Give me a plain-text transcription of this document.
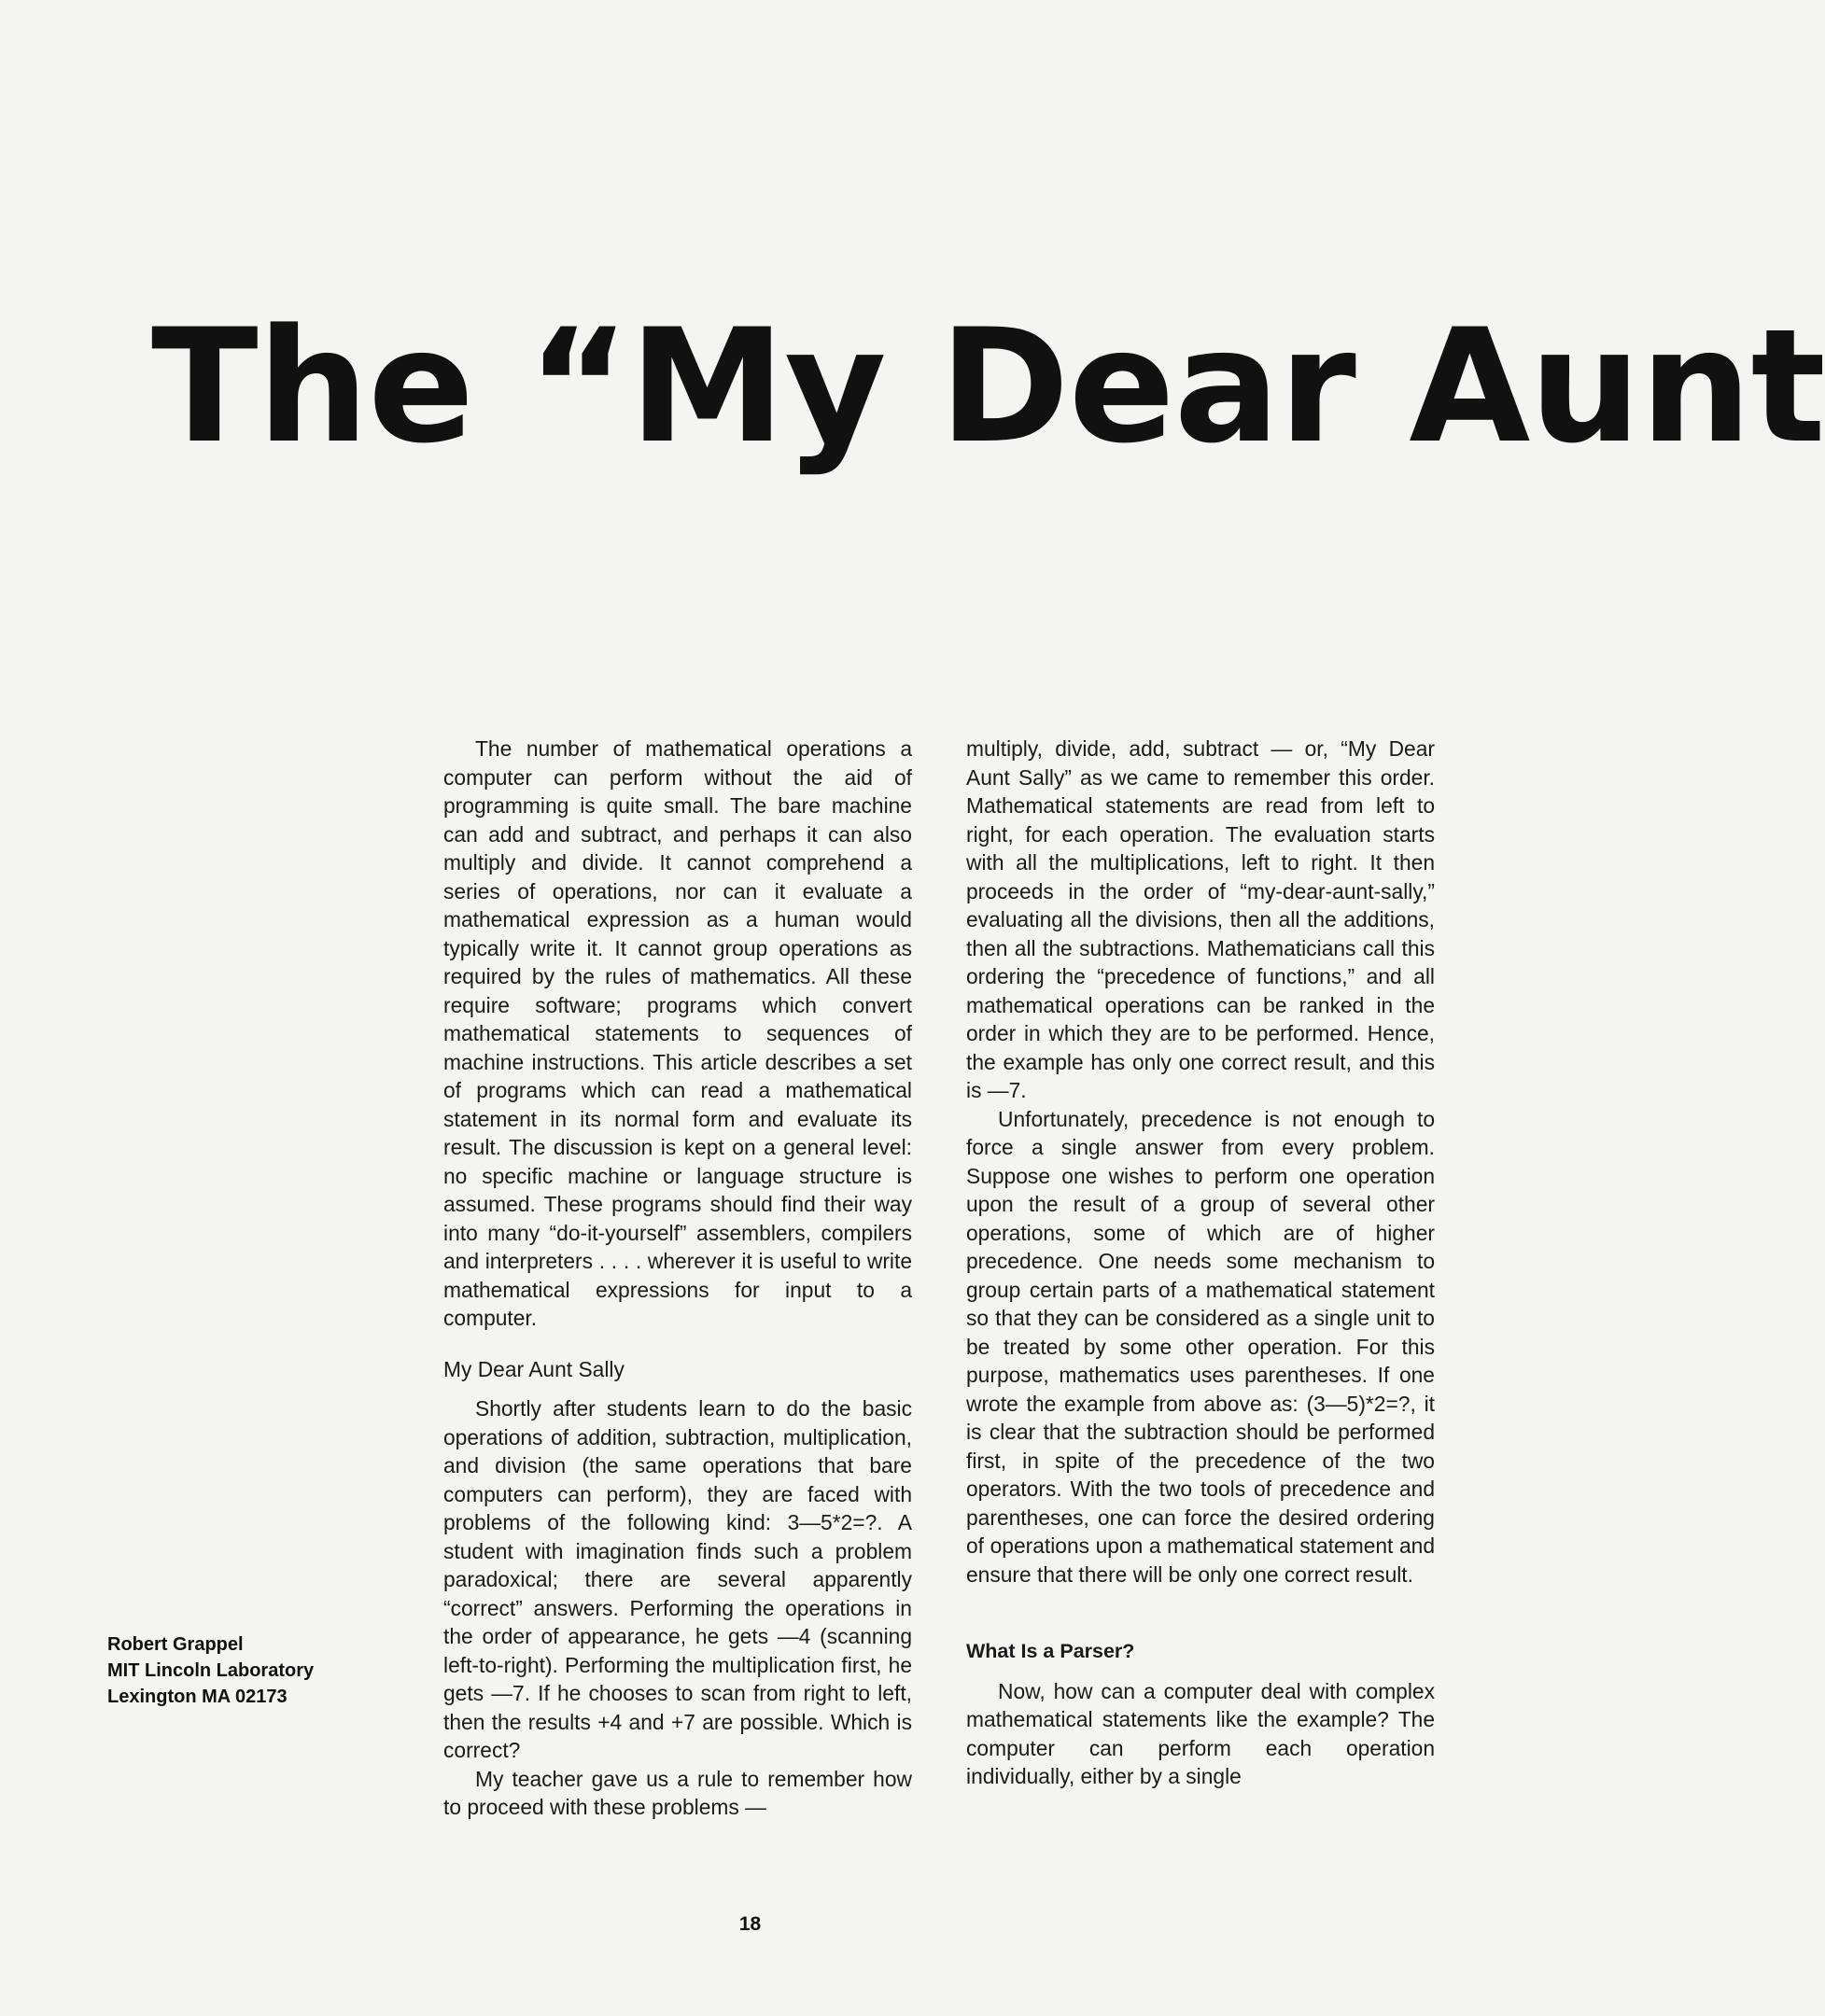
The “My Dear Aunt
Robert Grappel
MIT Lincoln Laboratory
Lexington MA 02173

The number of mathematical operations a computer can perform without the aid of programming is quite small. The bare machine can add and subtract, and perhaps it can also multiply and divide. It cannot comprehend a series of operations, nor can it evaluate a mathematical expression as a human would typically write it. It cannot group operations as required by the rules of mathematics. All these require software; programs which convert mathematical statements to sequences of machine instructions. This article describes a set of programs which can read a mathematical statement in its normal form and evaluate its result. The discussion is kept on a general level: no specific machine or language structure is assumed. These programs should find their way into many “do-it-yourself” assemblers, compilers and interpreters . . . . wherever it is useful to write mathematical expressions for input to a computer.

My Dear Aunt Sally

Shortly after students learn to do the basic operations of addition, subtraction, multiplication, and division (the same operations that bare computers can perform), they are faced with problems of the following kind: 3—5*2=?. A student with imagination finds such a problem paradoxical; there are several apparently “correct” answers. Performing the operations in the order of appearance, he gets —4 (scanning left-to-right). Performing the multiplication first, he gets —7. If he chooses to scan from right to left, then the results +4 and +7 are possible. Which is correct?

My teacher gave us a rule to remember how to proceed with these problems —

multiply, divide, add, subtract — or, “My Dear Aunt Sally” as we came to remember this order. Mathematical statements are read from left to right, for each operation. The evaluation starts with all the multiplications, left to right. It then proceeds in the order of “my-dear-aunt-sally,” evaluating all the divisions, then all the additions, then all the subtractions. Mathematicians call this ordering the “precedence of functions,” and all mathematical operations can be ranked in the order in which they are to be performed. Hence, the example has only one correct result, and this is —7.

Unfortunately, precedence is not enough to force a single answer from every problem. Suppose one wishes to perform one operation upon the result of a group of several other operations, some of which are of higher precedence. One needs some mechanism to group certain parts of a mathematical statement so that they can be considered as a single unit to be treated by some other operation. For this purpose, mathematics uses parentheses. If one wrote the example from above as: (3—5)*2=?, it is clear that the subtraction should be performed first, in spite of the precedence of the two operators. With the two tools of precedence and parentheses, one can force the desired ordering of operations upon a mathematical statement and ensure that there will be only one correct result.

What Is a Parser?

Now, how can a computer deal with complex mathematical statements like the example? The computer can perform each operation individually, either by a single

18
